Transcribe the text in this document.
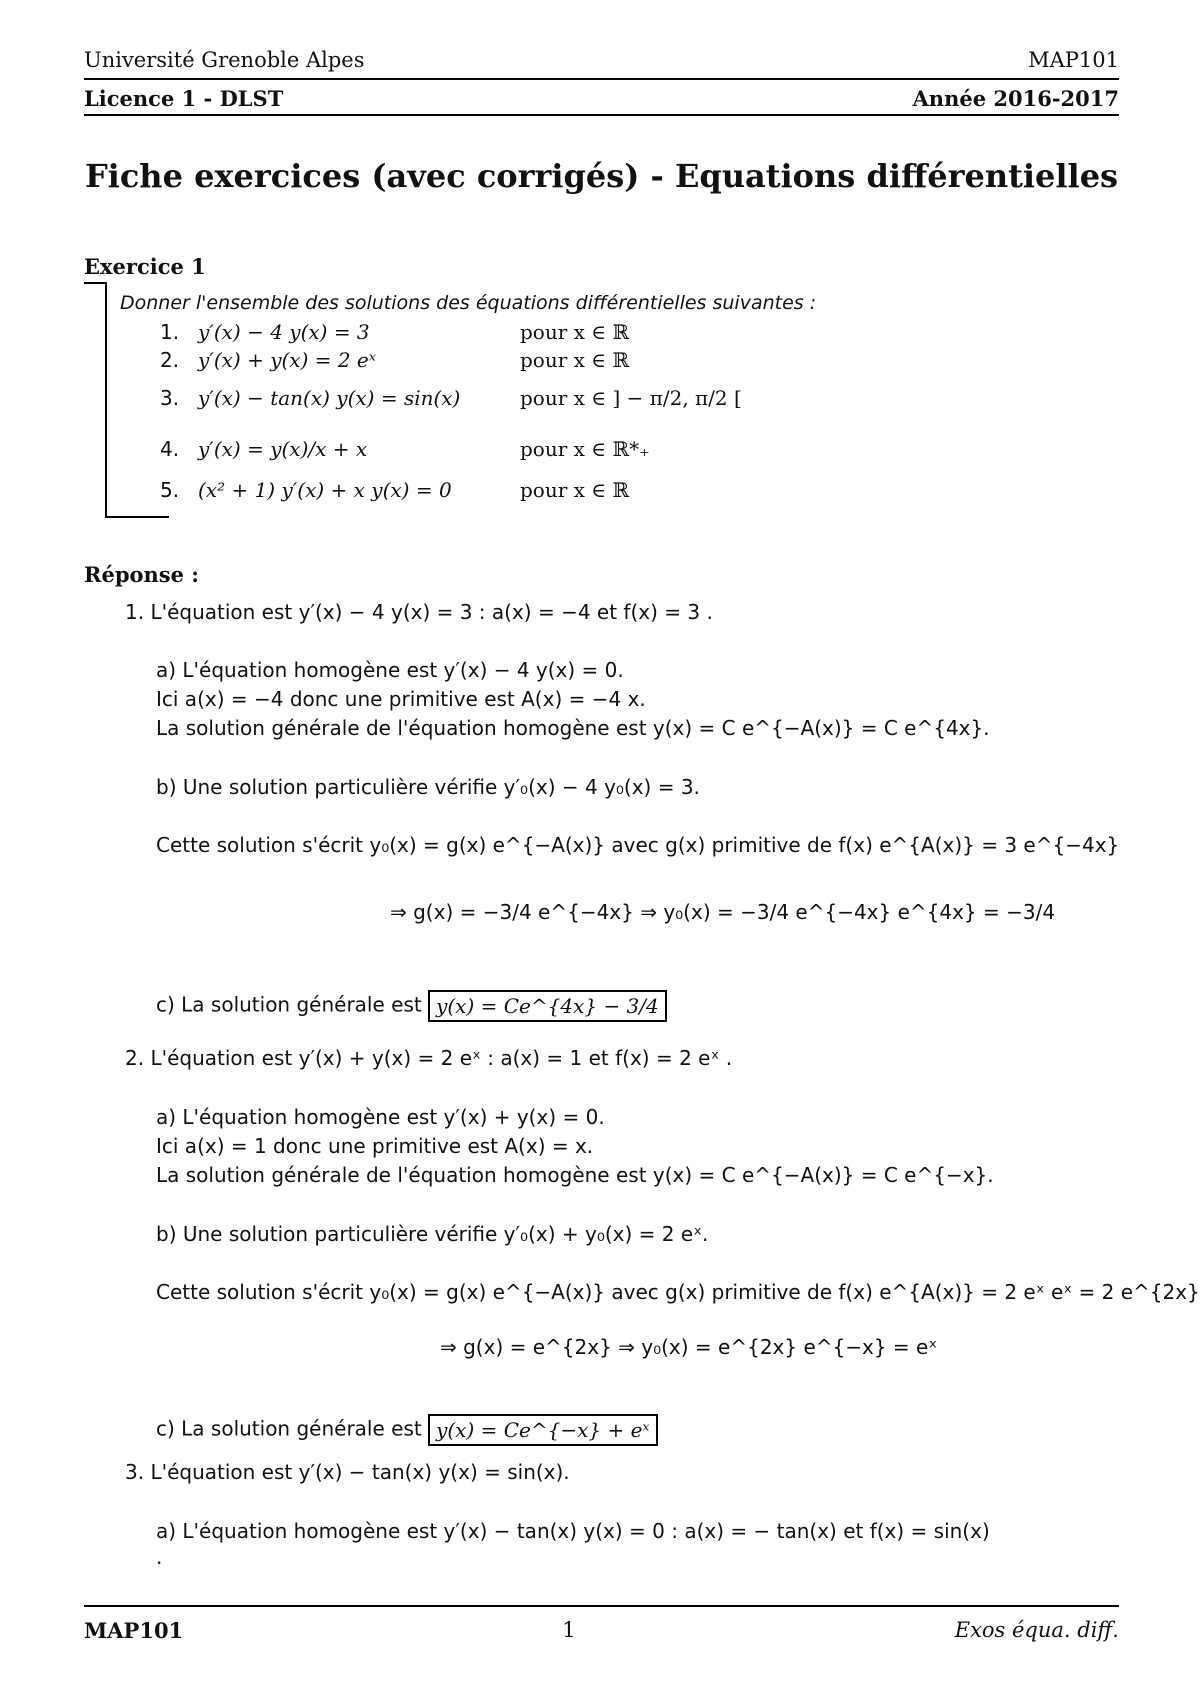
Université Grenoble Alpes	MAP101
Licence 1 - DLST	Année 2016-2017
Fiche exercices (avec corrigés) - Equations différentielles
Exercice 1
Donner l'ensemble des solutions des équations différentielles suivantes :
1. y′(x) − 4 y(x) = 3	pour x ∈ ℝ
2. y′(x) + y(x) = 2 eˣ	pour x ∈ ℝ
3. y′(x) − tan(x) y(x) = sin(x)	pour x ∈ ] − π/2, π/2 [
4. y′(x) = y(x)/x + x	pour x ∈ ℝ*₊
5. (x² + 1) y′(x) + x y(x) = 0	pour x ∈ ℝ
Réponse :
1. L'équation est y′(x) − 4 y(x) = 3 : a(x) = −4 et f(x) = 3 .
a) L'équation homogène est y′(x) − 4 y(x) = 0.
Ici a(x) = −4 donc une primitive est A(x) = −4 x.
La solution générale de l'équation homogène est y(x) = C e^{−A(x)} = C e^{4x}.
b) Une solution particulière vérifie y′₀(x) − 4 y₀(x) = 3.
Cette solution s'écrit y₀(x) = g(x) e^{−A(x)} avec g(x) primitive de f(x) e^{A(x)} = 3 e^{−4x}
⇒ g(x) = −3/4 e^{−4x} ⇒ y₀(x) = −3/4 e^{−4x} e^{4x} = −3/4
c) La solution générale est y(x) = Ce^{4x} − 3/4
2. L'équation est y′(x) + y(x) = 2 eˣ : a(x) = 1 et f(x) = 2 eˣ .
a) L'équation homogène est y′(x) + y(x) = 0.
Ici a(x) = 1 donc une primitive est A(x) = x.
La solution générale de l'équation homogène est y(x) = C e^{−A(x)} = C e^{−x}.
b) Une solution particulière vérifie y′₀(x) + y₀(x) = 2 eˣ.
Cette solution s'écrit y₀(x) = g(x) e^{−A(x)} avec g(x) primitive de f(x) e^{A(x)} = 2 eˣ eˣ = 2 e^{2x}
⇒ g(x) = e^{2x} ⇒ y₀(x) = e^{2x} e^{−x} = eˣ
c) La solution générale est y(x) = Ce^{−x} + eˣ
3. L'équation est y′(x) − tan(x) y(x) = sin(x).
a) L'équation homogène est y′(x) − tan(x) y(x) = 0 : a(x) = − tan(x) et f(x) = sin(x)
.
MAP101	1	Exos équa. diff.
